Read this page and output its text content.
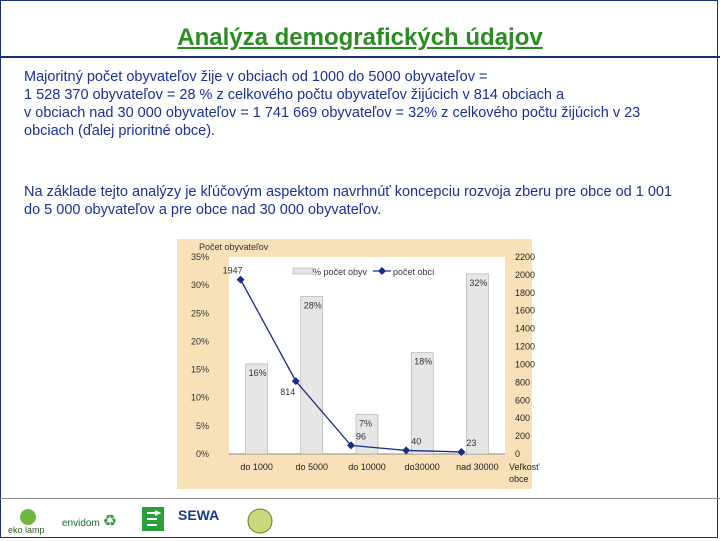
Analýza demografických údajov
Majoritný počet obyvateľov žije v obciach od 1000 do 5000 obyvateľov =
1 528 370 obyvateľov = 28 % z celkového počtu obyvateľov žijúcich v 814 obciach a
v obciach nad 30 000 obyvateľov = 1 741 669 obyvateľov = 32% z celkového počtu žijúcich v 23 obciach (ďalej prioritné obce).
Na základe tejto analýzy je kľúčovým aspektom navrhnúť koncepciu rozvoja zberu pre obce od 1 001 do 5 000 obyvateľov a pre obce nad 30 000 obyvateľov.
Počet obyvateľov
0%
5%
10%
15%
20%
25%
30%
35%
0
200
400
600
800
1000
1200
1400
1600
1800
2000
2200
Veľkosť
obce
16%
28%
7%
18%
32%
do 1000	do 5000 do 10000 do30000 nad 30000
1947
814
96
40	23
% počet obyv	počet obcí
eko lamp
envidom ♻	SEWA
